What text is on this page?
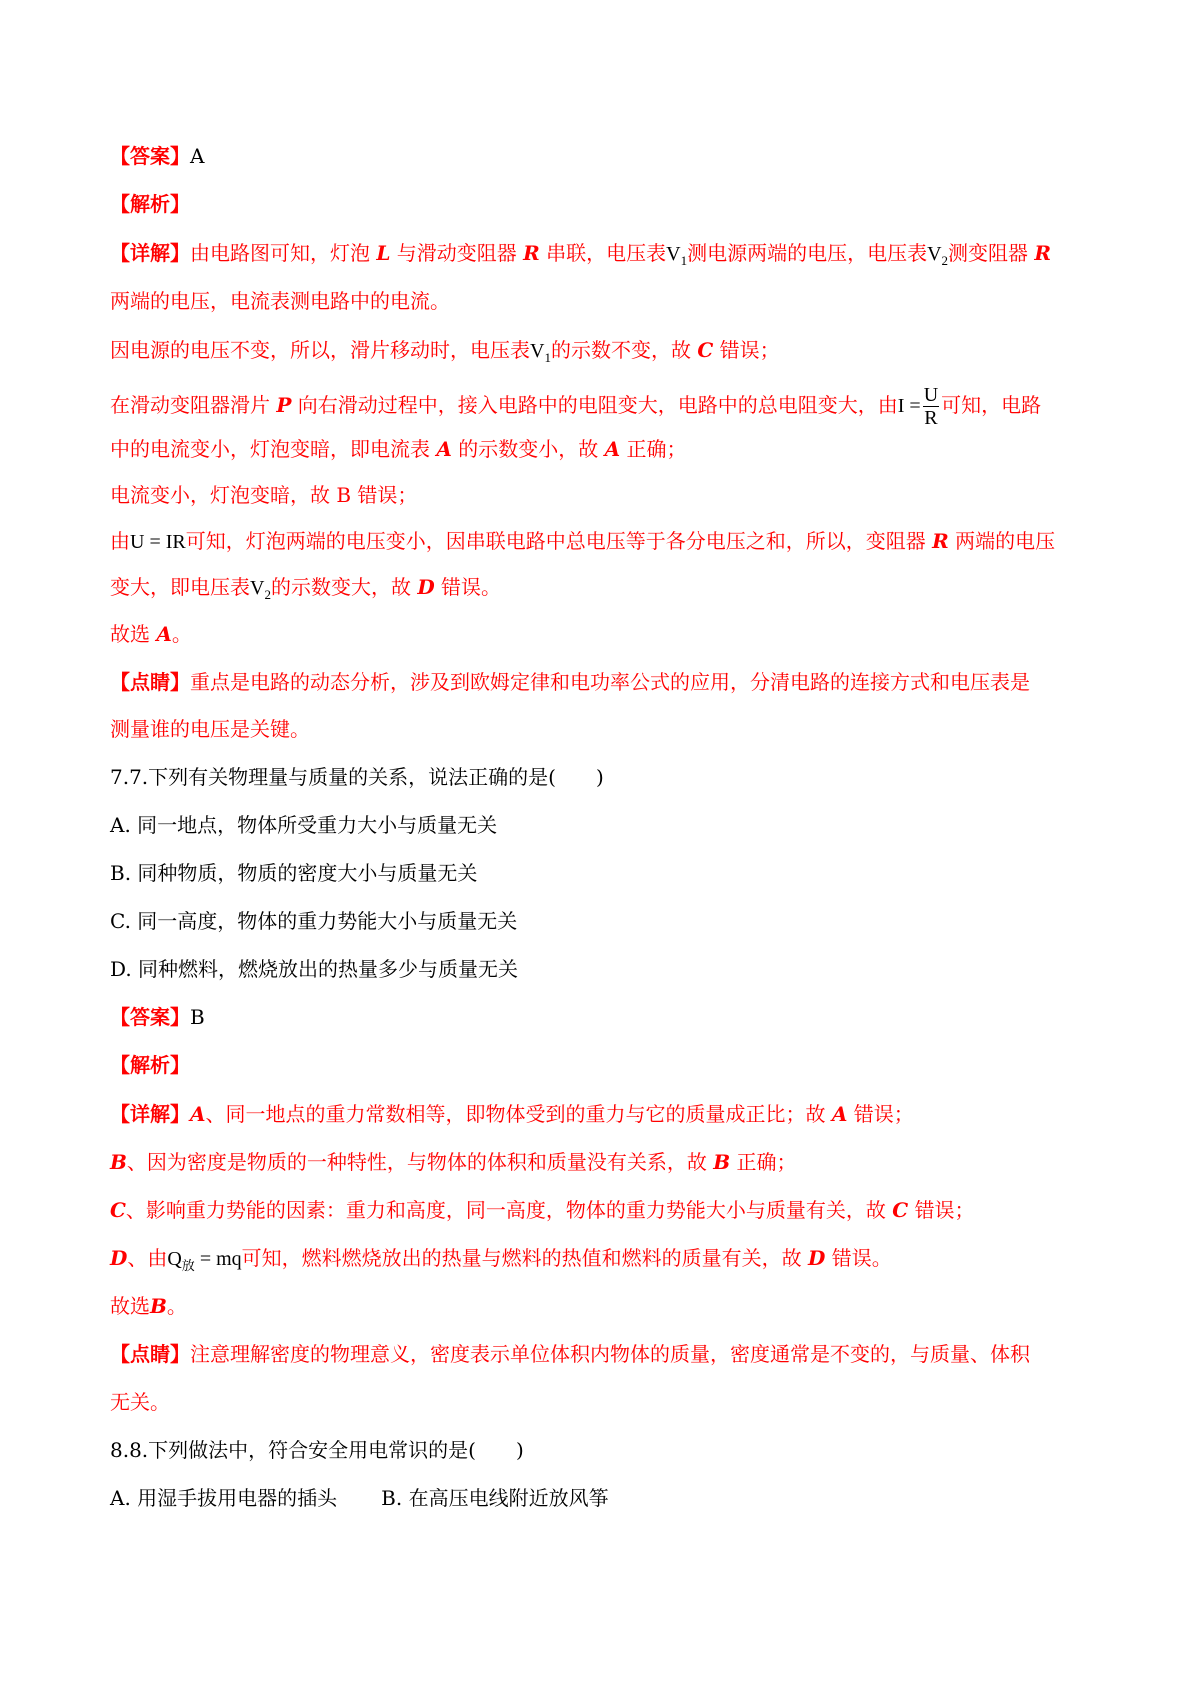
【答案】A
【解析】
【详解】由电路图可知，灯泡 L 与滑动变阻器 R 串联，电压表$V_1$测电源两端的电压，电压表$V_2$测变阻器 R
两端的电压，电流表测电路中的电流。
因电源的电压不变，所以，滑片移动时，电压表$V_1$的示数不变，故 C 错误；
在滑动变阻器滑片 P 向右滑动过程中，接入电路中的电阻变大，电路中的总电阻变大，由$I = \frac{U}{R}$ 可知，电路
中的电流变小，灯泡变暗，即电流表 A 的示数变小，故 A 正确；
电流变小，灯泡变暗，故 B 错误；
由U = IR可知，灯泡两端的电压变小，因串联电路中总电压等于各分电压之和，所以，变阻器 R 两端的电压
变大，即电压表$V_2$的示数变大，故 D 错误。
故选 A。
【点睛】重点是电路的动态分析，涉及到欧姆定律和电功率公式的应用，分清电路的连接方式和电压表是
测量谁的电压是关键。
7.7.下列有关物理量与质量的关系，说法正确的是(　　)
A. 同一地点，物体所受重力大小与质量无关
B. 同种物质，物质的密度大小与质量无关
C. 同一高度，物体的重力势能大小与质量无关
D. 同种燃料，燃烧放出的热量多少与质量无关
【答案】B
【解析】
【详解】A、同一地点的重力常数相等，即物体受到的重力与它的质量成正比；故 A 错误；
B、因为密度是物质的一种特性，与物体的体积和质量没有关系，故 B 正确；
C、影响重力势能的因素：重力和高度，同一高度，物体的重力势能大小与质量有关，故 C 错误；
D、由$Q_放$ = mq可知，燃料燃烧放出的热量与燃料的热值和燃料的质量有关，故 D 错误。
故选B。
【点睛】注意理解密度的物理意义，密度表示单位体积内物体的质量，密度通常是不变的，与质量、体积
无关。
8.8.下列做法中，符合安全用电常识的是(　　)
A. 用湿手拔用电器的插头 B. 在高压电线附近放风筝
